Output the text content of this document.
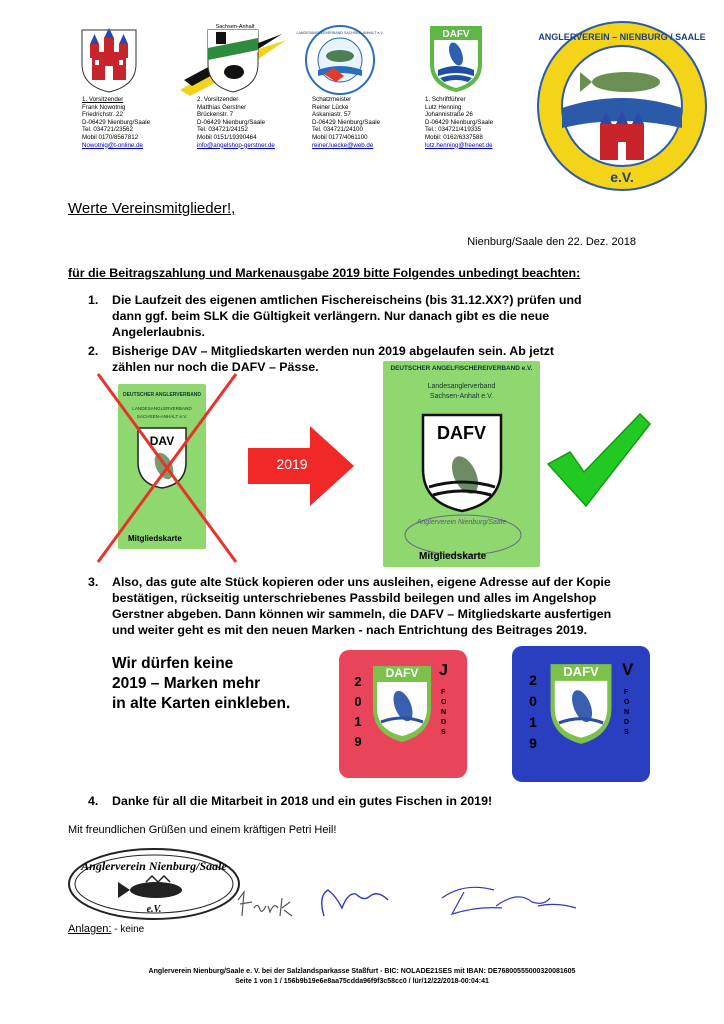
Sachsen-Anhalt
LANDESANGLERVERBAND SACHSEN-ANHALT e.V.	DAFV	ANGLERVEREIN – NIENBURG / SAALE
e.V.
1. Vorsitzender
Frank Nowotnig
Friedrichstr. 22
D-06429 Nienburg/Saale
Tel. 034721/23562
Mobil 0170/8567812
Nowotnig@t-online.de
2. Vorsitzender
Matthias Gerstner
Brückenstr. 7
D-06429 Nienburg/Saale
Tel. 034721/24152
Mobil 0151/19390464
info@angelshop-gerstner.de
Schatzmeister
Reiner Lücke
Askaniastr. 57
D-06429 Nienburg/Saale
Tel. 034721/24100
Mobil 0177/4061100
reiner.luecke@web.de
1. Schriftführer
Lutz Henning
Johannistraße 26
D-06429 Nienburg/Saale
Tel.: 034721/419335
Mobil: 0162/6337588
lutz.henning@freenet.de
Werte Vereinsmitglieder!,
Nienburg/Saale den 22. Dez. 2018
für die Beitragszahlung und Markenausgabe 2019 bitte Folgendes unbedingt beachten:
1.	Die Laufzeit des eigenen amtlichen Fischereischeins (bis 31.12.XX?) prüfen und
dann ggf. beim SLK die Gültigkeit verlängern. Nur danach gibt es die neue
Angelerlaubnis.
2.	Bisherige DAV – Mitgliedskarten werden nun 2019 abgelaufen sein. Ab jetzt
zählen nur noch die DAFV – Pässe.
DEUTSCHER ANGLERVERBAND
LANDESANGLERVERBAND
SACHSEN-ANHALT e.V.
DAV
Mitgliedskarte
2019
DEUTSCHER ANGELFISCHEREIVERBAND e.V.
Landesanglerverband
Sachsen-Anhalt e.V.
DAFV
Anglerverein Nienburg/Saale
Mitgliedskarte
3.	Also, das gute alte Stück kopieren oder uns ausleihen, eigene Adresse auf der Kopie
bestätigen, rückseitig unterschriebenes Passbild beilegen und alles im Angelshop
Gerstner abgeben. Dann können wir sammeln, die DAFV – Mitgliedskarte ausfertigen
und weiter geht es mit den neuen Marken - nach Entrichtung des Beitrages 2019.
Wir dürfen keine
2019 – Marken mehr
in alte Karten einkleben.
2
0
1
9
DAFV	J
F
O
N
D
S
2
0
1
9
DAFV	V
F
O
N
D
S
4.	Danke für all die Mitarbeit in 2018 und ein gutes Fischen in 2019!
Mit freundlichen Grüßen und einem kräftigen Petri Heil!
Anglerverein Nienburg/Saale
e.V.
Anlagen: - keine
Anglerverein Nienburg/Saale e. V. bei der Salzlandsparkasse Staßfurt - BIC: NOLADE21SES mit IBAN: DE76800555000320081605
Seite 1 von 1 / 156b9b19e6e8aa75cdda96f9f3c58cc0 / lür/12/22/2018-00:04:41
